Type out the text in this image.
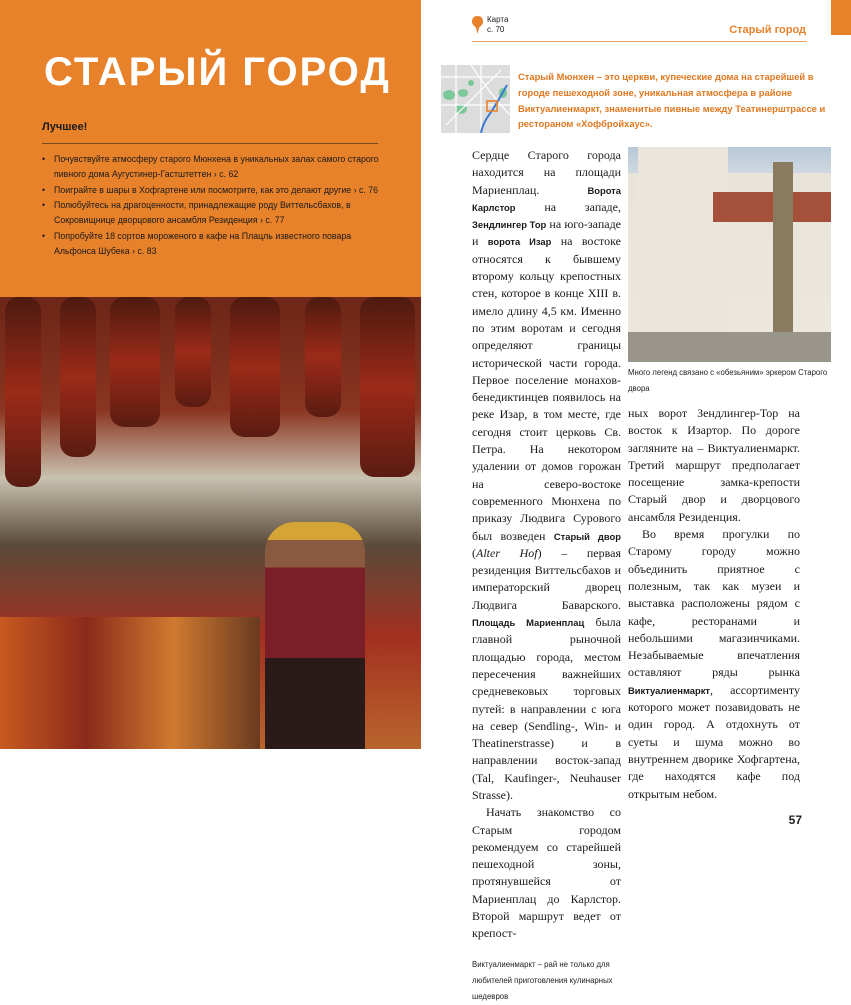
СТАРЫЙ ГОРОД
Лучшее!
• Почувствуйте атмосферу старого Мюнхена в уникальных залах самого старого пивного дома Аугустинер-Гастштеттен › с. 62
• Поиграйте в шары в Хофгартене или посмотрите, как это делают другие › с. 76
• Полюбуйтесь на драгоценности, принадлежащие роду Виттельсбахов, в Сокровищнице дворцового ансамбля Резиденция › с. 77
• Попробуйте 18 сортов мороженого в кафе на Плацль известного повара Альфонса Шубека › с. 83
Карта
с. 70	Старый город
Старый Мюнхен – это церкви, купеческие дома на старейшей в городе пешеходной зоне, уникальная атмосфера в районе Виктуалиенмаркт, знаменитые пивные между Театинерштрассе и рестораном «Хофбройхаус».

Сердце Старого города находится на площади Мариенплац. Ворота Карлстор на западе, Зендлингер Тор на юго-западе и ворота Изар на востоке относятся к бывшему второму кольцу крепостных стен, которое в конце XIII в. имело длину 4,5 км. Именно по этим воротам и сегодня определяют границы исторической части города. Первое поселение монахов-бенедиктинцев появилось на реке Изар, в том месте, где сегодня стоит церковь Св. Петра. На некотором удалении от домов горожан на северо-востоке современного Мюнхена по приказу Людвига Сурового был возведен Старый двор (Alter Hof) – первая резиденция Виттельсбахов и императорский дворец Людвига Баварского. Площадь Мариенплац была главной рыночной площадью города, местом пересечения важнейших средневековых торговых путей: в направлении с юга на север (Sendling-, Win- и Theatinerstrasse) и в направлении восток-запад (Tal, Kaufinger-, Neuhauser Strasse).

Начать знакомство со Старым городом рекомендуем со старейшей пешеходной зоны, протянувшейся от Мариенплац до Карлстор. Второй маршрут ведет от крепост-

Виктуалиенмаркт – рай не только для любителей приготовления кулинарных шедевров
Много легенд связано с «обезьяним» эркером Старого двора

ных ворот Зендлингер-Тор на восток к Изартор. По дороге загляните на – Виктуалиенмаркт. Третий маршрут предполагает посещение замка-крепости Старый двор и дворцового ансамбля Резиденция.

Во время прогулки по Старому городу можно объединить приятное с полезным, так как музеи и выставка расположены рядом с кафе, ресторанами и небольшими магазинчиками. Незабываемые впечатления оставляют ряды рынка Виктуалиенмаркт, ассортименту которого может позавидовать не один город. А отдохнуть от суеты и шума можно во внутреннем дворике Хофгартена, где находятся кафе под открытым небом.

57
